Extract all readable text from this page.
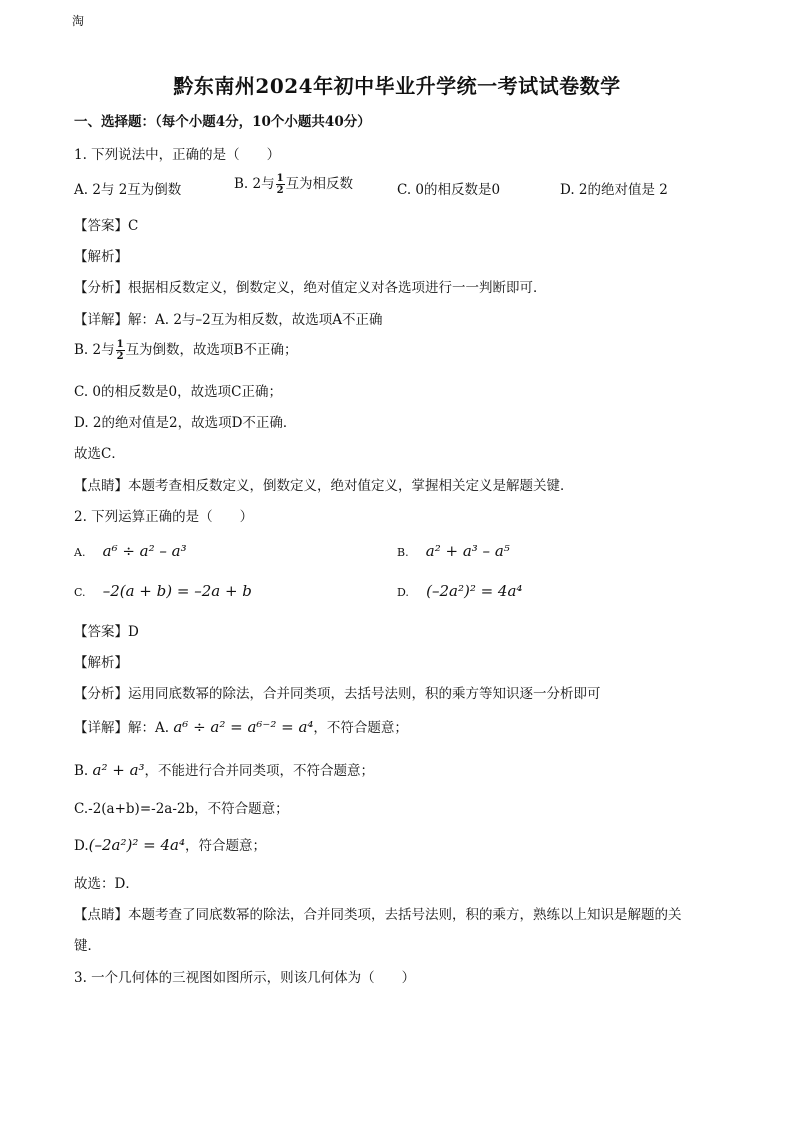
淘
黔东南州2024年初中毕业升学统一考试试卷数学
一、选择题：（每个小题4分，10个小题共40分）
1. 下列说法中，正确的是（　　）
A. 2与 2互为倒数	B. 2与 $\frac{1}{2}$ 互为相反数	C. 0的相反数是0	D. 2的绝对值是 2
【答案】C
【解析】
【分析】根据相反数定义，倒数定义，绝对值定义对各选项进行一一判断即可．
【详解】解：A. 2与–2互为相反数，故选项A不正确
B. 2与 $\frac{1}{2}$ 互为倒数，故选项B不正确；
C. 0的相反数是0，故选项C正确；
D. 2的绝对值是2，故选项D不正确．
故选C．
【点睛】本题考查相反数定义，倒数定义，绝对值定义，掌握相关定义是解题关键．
2. 下列运算正确的是（　　）
A. a⁶ ÷ a² – a³	B. a² + a³ – a⁵
C. –2(a + b) = –2a + b	D. (–2a²)² = 4a⁴
【答案】D
【解析】
【分析】运用同底数幂的除法，合并同类项，去括号法则，积的乘方等知识逐一分析即可
【详解】解：A. a⁶ ÷ a² = a⁶⁻² = a⁴，不符合题意；
B. a² + a³，不能进行合并同类项，不符合题意；
C.-2(a+b)=-2a-2b，不符合题意；
D.(–2a²)² = 4a⁴，符合题意；
故选：D．
【点睛】本题考查了同底数幂的除法，合并同类项，去括号法则，积的乘方，熟练以上知识是解题的关
键．
3. 一个几何体的三视图如图所示，则该几何体为（　　）
